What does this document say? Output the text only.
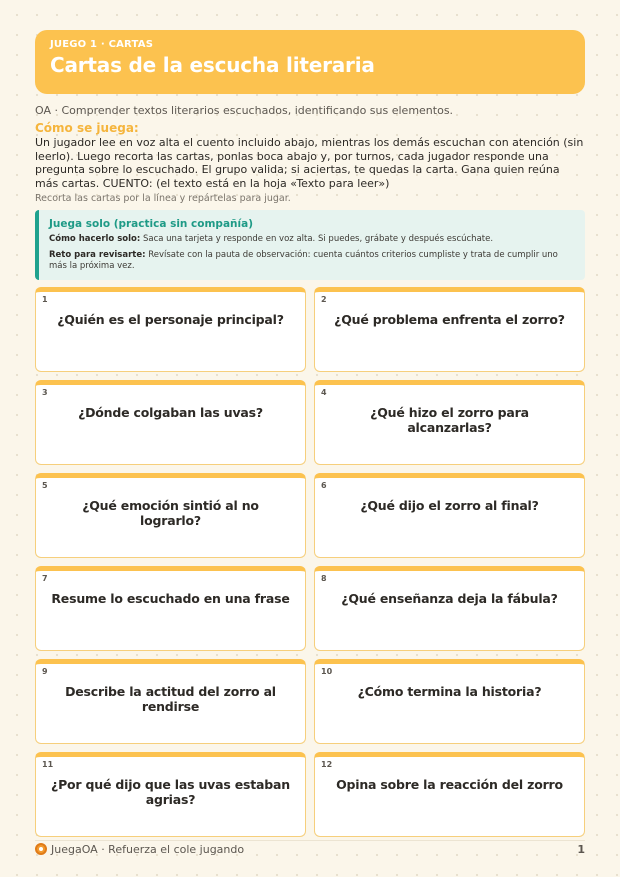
JUEGO 1 · CARTAS
Cartas de la escucha literaria
OA · Comprender textos literarios escuchados, identificando sus elementos.
Cómo se juega:
Un jugador lee en voz alta el cuento incluido abajo, mientras los demás escuchan con atención (sin leerlo). Luego recorta las cartas, ponlas boca abajo y, por turnos, cada jugador responde una pregunta sobre lo escuchado. El grupo valida; si aciertas, te quedas la carta. Gana quien reúna más cartas. CUENTO: (el texto está en la hoja «Texto para leer»)
Recorta las cartas por la línea y repártelas para jugar.
Juega solo (practica sin compañía)
Cómo hacerlo solo: Saca una tarjeta y responde en voz alta. Si puedes, grábate y después escúchate.
Reto para revisarte: Revísate con la pauta de observación: cuenta cuántos criterios cumpliste y trata de cumplir uno más la próxima vez.
1
¿Quién es el personaje principal?
2
¿Qué problema enfrenta el zorro?
3
¿Dónde colgaban las uvas?
4
¿Qué hizo el zorro para alcanzarlas?
5
¿Qué emoción sintió al no lograrlo?
6
¿Qué dijo el zorro al final?
7
Resume lo escuchado en una frase
8
¿Qué enseñanza deja la fábula?
9
Describe la actitud del zorro al rendirse
10
¿Cómo termina la historia?
11
¿Por qué dijo que las uvas estaban agrias?
12
Opina sobre la reacción del zorro
JuegaOA · Refuerza el cole jugando	1
